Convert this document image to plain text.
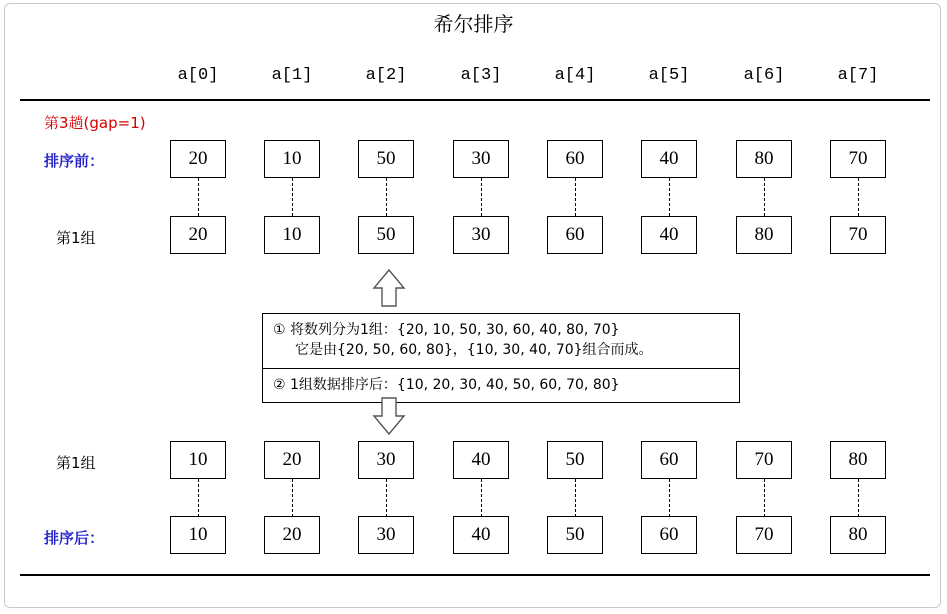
希尔排序
a[0]	a[1]	a[2]	a[3]	a[4]	a[5]	a[6]	a[7]
第3趟(gap=1)
排序前：	20	10	50	30	60	40	80	70
第1组	20	10	50	30	60	40	80	70
① 将数列分为1组：{20, 10, 50, 30, 60, 40, 80, 70}
它是由{20, 50, 60, 80}，{10, 30, 40, 70}组合而成。
② 1组数据排序后：{10, 20, 30, 40, 50, 60, 70, 80}
第1组	10	20	30	40	50	60	70	80
排序后：	10	20	30	40	50	60	70	80
